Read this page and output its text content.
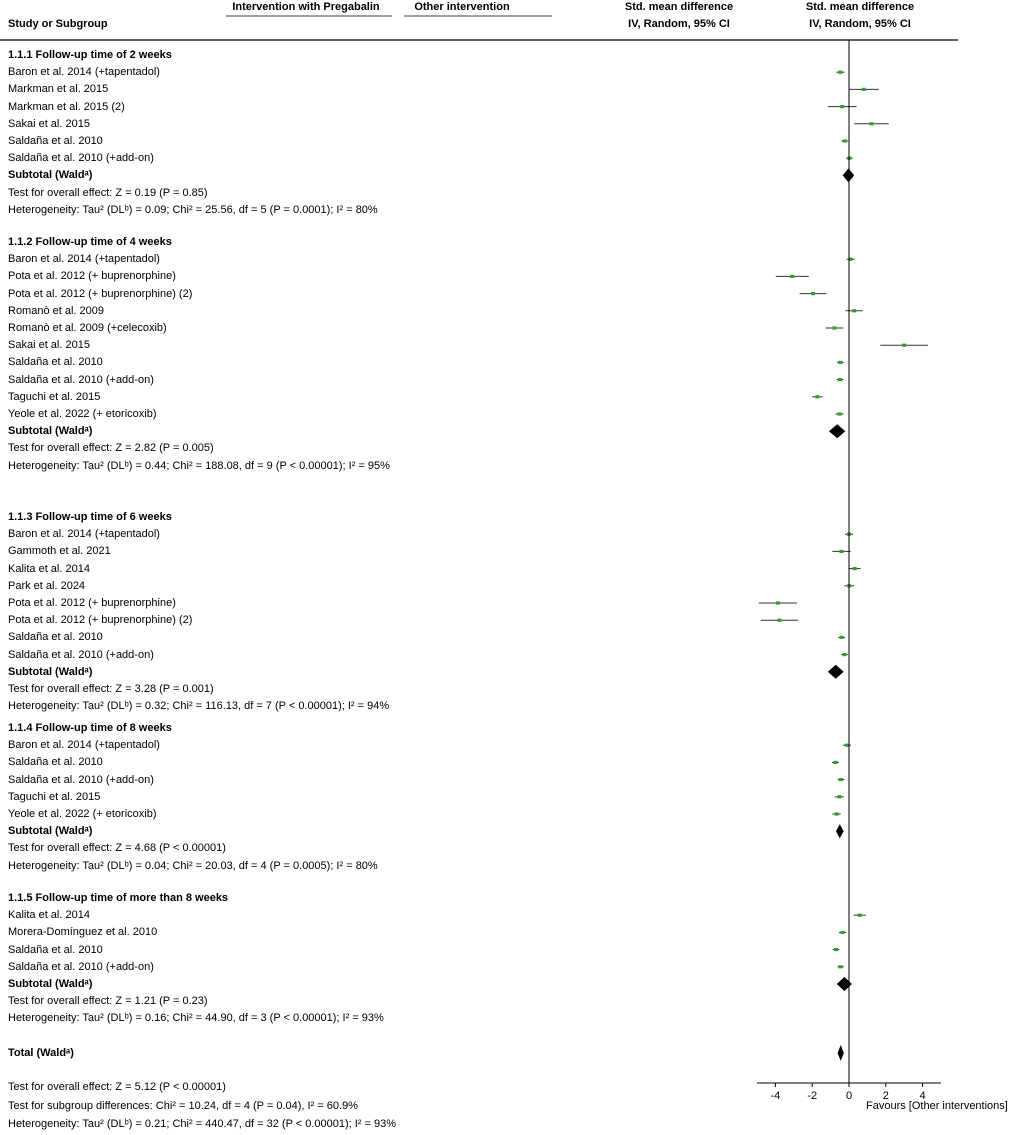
Intervention with Pregabalin	Other intervention	Std. mean difference	Std. mean difference
Study or Subgroup	IV, Random, 95% CI	IV, Random, 95% CI
1.1.1 Follow-up time of 2 weeks
Baron et al. 2014 (+tapentadol)
Markman et al. 2015
Markman et al. 2015 (2)
Sakai et al. 2015
Saldaña et al. 2010
Saldaña et al. 2010 (+add-on)
Subtotal (Waldᵃ)
Test for overall effect: Z = 0.19 (P = 0.85)
Heterogeneity: Tau² (DLᵇ) = 0.09; Chi² = 25.56, df = 5 (P = 0.0001); I² = 80%
1.1.2 Follow-up time of 4 weeks
Baron et al. 2014 (+tapentadol)
Pota et al. 2012 (+ buprenorphine)
Pota et al. 2012 (+ buprenorphine) (2)
Romanò et al. 2009
Romanò et al. 2009 (+celecoxib)
Sakai et al. 2015
Saldaña et al. 2010
Saldaña et al. 2010 (+add-on)
Taguchi et al. 2015
Yeole et al. 2022 (+ etoricoxib)
Subtotal (Waldᵃ)
Test for overall effect: Z = 2.82 (P = 0.005)
Heterogeneity: Tau² (DLᵇ) = 0.44; Chi² = 188.08, df = 9 (P < 0.00001); I² = 95%
1.1.3 Follow-up time of 6 weeks
Baron et al. 2014 (+tapentadol)
Gammoth et al. 2021
Kalita et al. 2014
Park et al. 2024
Pota et al. 2012 (+ buprenorphine)
Pota et al. 2012 (+ buprenorphine) (2)
Saldaña et al. 2010
Saldaña et al. 2010 (+add-on)
Subtotal (Waldᵃ)
Test for overall effect: Z = 3.28 (P = 0.001)
Heterogeneity: Tau² (DLᵇ) = 0.32; Chi² = 116.13, df = 7 (P < 0.00001); I² = 94%
1.1.4 Follow-up time of 8 weeks
Baron et al. 2014 (+tapentadol)
Saldaña et al. 2010
Saldaña et al. 2010 (+add-on)
Taguchi et al. 2015
Yeole et al. 2022 (+ etoricoxib)
Subtotal (Waldᵃ)
Test for overall effect: Z = 4.68 (P < 0.00001)
Heterogeneity: Tau² (DLᵇ) = 0.04; Chi² = 20.03, df = 4 (P = 0.0005); I² = 80%
1.1.5 Follow-up time of more than 8 weeks
Kalita et al. 2014
Morera-Domínguez et al. 2010
Saldaña et al. 2010
Saldaña et al. 2010 (+add-on)
Subtotal (Waldᵃ)
Test for overall effect: Z = 1.21 (P = 0.23)
Heterogeneity: Tau² (DLᵇ) = 0.16; Chi² = 44.90, df = 3 (P < 0.00001); I² = 93%
Total (Waldᵃ)
Test for overall effect: Z = 5.12 (P < 0.00001)
Test for subgroup differences: Chi² = 10.24, df = 4 (P = 0.04), I² = 60.9%
Heterogeneity: Tau² (DLᵇ) = 0.21; Chi² = 440.47, df = 32 (P < 0.00001); I² = 93%
Favours [Other interventions]
-4 -2	0	2	4
